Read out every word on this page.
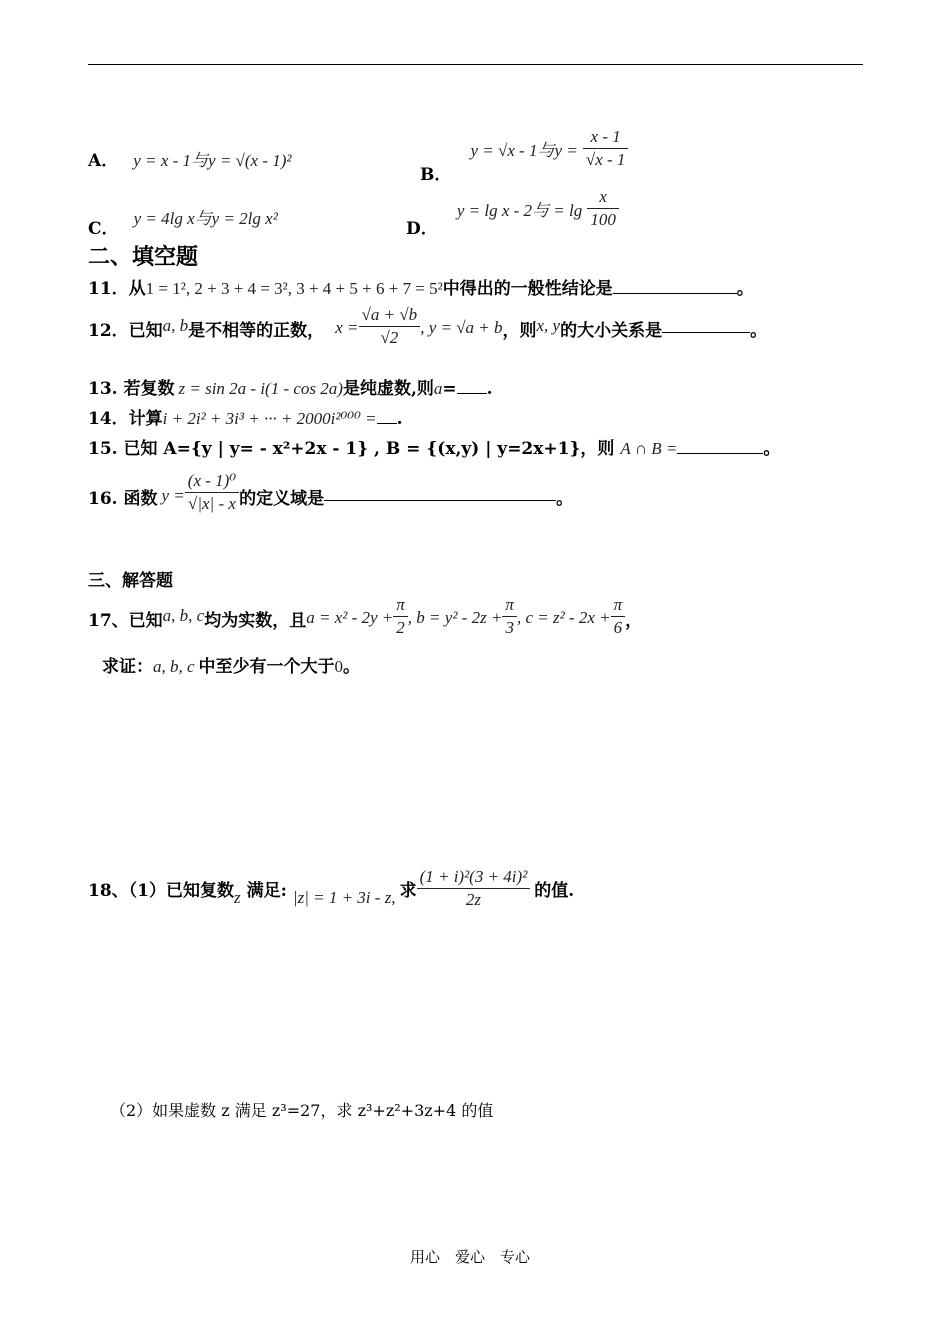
A． y = x - 1与y = √(x - 1)²
B． y = √x - 1与$y = \frac{x - 1}{√x - 1}$
C． y = 4lg x与y = 2lg x²
D． y = lg x - 2与 = $\lg \frac{x}{100}$
二、填空题
11．从1 = 1², 2 + 3 + 4 = 3², 3 + 4 + 5 + 6 + 7 = 5²中得出的一般性结论是	。
12．已知a, b是不相等的正数， $x = \frac{√a + √b}{√2}$ , y = √a + b，则x, y的大小关系是	。
13. 若复数 z = sin 2a - i(1 - cos 2a)是纯虚数,则a= .
14．计算i + 2i² + 3i³ + ··· + 2000i²⁰⁰⁰ = .
15. 已知 A={y | y= - x²+2x - 1} , B = {(x,y) | y=2x+1}，则 A ∩ B =	。
16. 函数 $y = \frac{\text{(x - 1)⁰}}{√|x| - x}$ 的定义域是	。
三、解答题
17、已知a, b, c均为实数，且$a = x^2 - 2y + \frac{\pi}{2}$ , $b = y^2 - 2z + \frac{\pi}{3}$ , $c = z^2 - 2x + \frac{\pi}{6}$ ，
求证：a, b, c 中至少有一个大于0。
18、（1）已知复数z 满足: |z| = 1 + 3i - z, 求 $\frac{\text{(1 + i)²(3 + 4i)²}}{2z}$ 的值.
（2）如果虚数 z 满足 z³=27，求 z³+z²+3z+4 的值
用心　爱心　专心
